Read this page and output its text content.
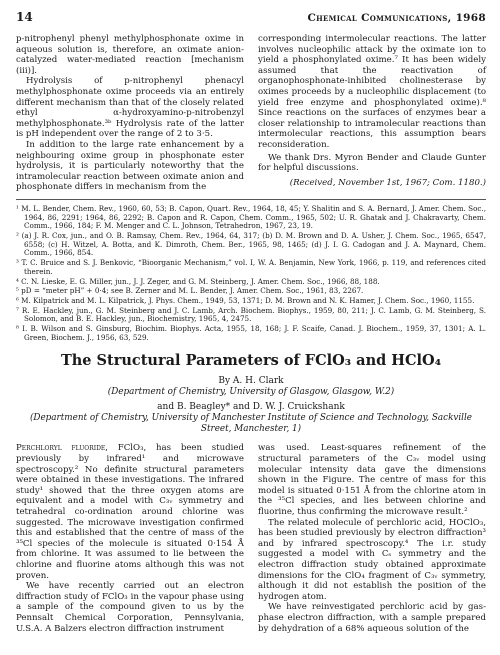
14	Chemical Communications, 1968

p-nitrophenyl phenyl methylphosphonate oxime in aqueous solution is, therefore, an oximate anion-catalyzed water-mediated reaction [mechanism (iii)].

Hydrolysis of p-nitrophenyl phenacyl methylphosphonate oxime proceeds via an entirely different mechanism than that of the closely related ethyl α-hydroxyamino-p-nitrobenzyl methylphosphonate.³ᵇ Hydrolysis rate of the latter is pH independent over the range of 2 to 3·5.

In addition to the large rate enhancement by a neighbouring oxime group in phosphonate ester hydrolysis, it is particularly noteworthy that the intramolecular reaction between oximate anion and phosphonate differs in mechanism from the

corresponding intermolecular reactions. The latter involves nucleophilic attack by the oximate ion to yield a phosphonylated oxime.⁷ It has been widely assumed that the reactivation of organophosphonate-inhibited cholinesterase by oximes proceeds by a nucleophilic displacement (to yield free enzyme and phosphonylated oxime).⁸ Since reactions on the surfaces of enzymes bear a closer relationship to intramolecular reactions than intermolecular reactions, this assumption bears reconsideration.

We thank Drs. Myron Bender and Claude Gunter for helpful discussions.

(Received, November 1st, 1967; Com. 1180.)

¹ M. L. Bender, Chem. Rev., 1960, 60, 53; B. Capon, Quart. Rev., 1964, 18, 45; Y. Shalitin and S. A. Bernard, J. Amer. Chem. Soc., 1964, 86, 2291; 1964, 86, 2292; B. Capon and R. Capon, Chem. Comm., 1965, 502; U. R. Ghatak and J. Chakravarty, Chem. Comm., 1966, 184; F. M. Menger and C. L. Johnson, Tetrahedron, 1967, 23, 19.

² (a) J. R. Cox, jun., and O. B. Ramsay, Chem. Rev., 1964, 64, 317; (b) D. M. Brown and D. A. Usher, J. Chem. Soc., 1965, 6547, 6558; (c) H. Witzel, A. Botta, and K. Dimroth, Chem. Ber., 1965, 98, 1465; (d) J. I. G. Cadogan and J. A. Maynard, Chem. Comm., 1966, 854.

³ T. C. Bruice and S. J. Benkovic, “Bioorganic Mechanism,” vol. I, W. A. Benjamin, New York, 1966, p. 119, and references cited therein.

⁴ C. N. Lieske, E. G. Miller, jun., J. J. Zeger, and G. M. Steinberg, J. Amer. Chem. Soc., 1966, 88, 188.

⁵ pD = “meter pH” + 0·4; see B. Zerner and M. L. Bender, J. Amer. Chem. Soc., 1961, 83, 2267.

⁶ M. Kilpatrick and M. L. Kilpatrick, J. Phys. Chem., 1949, 53, 1371; D. M. Brown and N. K. Hamer, J. Chem. Soc., 1960, 1155.

⁷ R. E. Hackley, jun., G. M. Steinberg and J. C. Lamb, Arch. Biochem. Biophys., 1959, 80, 211; J. C. Lamb, G. M. Steinberg, S. Solomon, and B. E. Hackley, jun., Biochemistry, 1965, 4, 2475.

⁸ I. B. Wilson and S. Ginsburg, Biochim. Biophys. Acta, 1955, 18, 168; J. F. Scaife, Canad. J. Biochem., 1959, 37, 1301; A. L. Green, Biochem. J., 1956, 63, 529.

The Structural Parameters of FClO₃ and HClO₄
By A. H. Clark
(Department of Chemistry, University of Glasgow, Glasgow, W.2)
and B. Beagley* and D. W. J. Cruickshank
(Department of Chemistry, University of Manchester Institute of Science and Technology, Sackville Street, Manchester, 1)

Perchloryl fluoride, FClO₃, has been studied previously by infrared¹ and microwave spectroscopy.² No definite structural parameters were obtained in these investigations. The infrared study¹ showed that the three oxygen atoms are equivalent and a model with C₃ᵥ symmetry and tetrahedral co-ordination around chlorine was suggested. The microwave investigation confirmed this and established that the centre of mass of the ³⁵Cl species of the molecule is situated 0·154 Å from chlorine. It was assumed to lie between the chlorine and fluorine atoms although this was not proven.

We have recently carried out an electron diffraction study of FClO₃ in the vapour phase using a sample of the compound given to us by the Pennsalt Chemical Corporation, Pennsylvania, U.S.A. A Balzers electron diffraction instrument

was used. Least-squares refinement of the structural parameters of the C₃ᵥ model using molecular intensity data gave the dimensions shown in the Figure. The centre of mass for this model is situated 0·151 Å from the chlorine atom in the ³⁵Cl species, and lies between chlorine and fluorine, thus confirming the microwave result.²

The related molecule of perchloric acid, HOClO₃, has been studied previously by electron diffraction³ and by infrared spectroscopy.⁴ The i.r. study suggested a model with Cₛ symmetry and the electron diffraction study obtained approximate dimensions for the ClO₄ fragment of C₃ᵥ symmetry, although it did not establish the position of the hydrogen atom.

We have reinvestigated perchloric acid by gas-phase electron diffraction, with a sample prepared by dehydration of a 68% aqueous solution of the
